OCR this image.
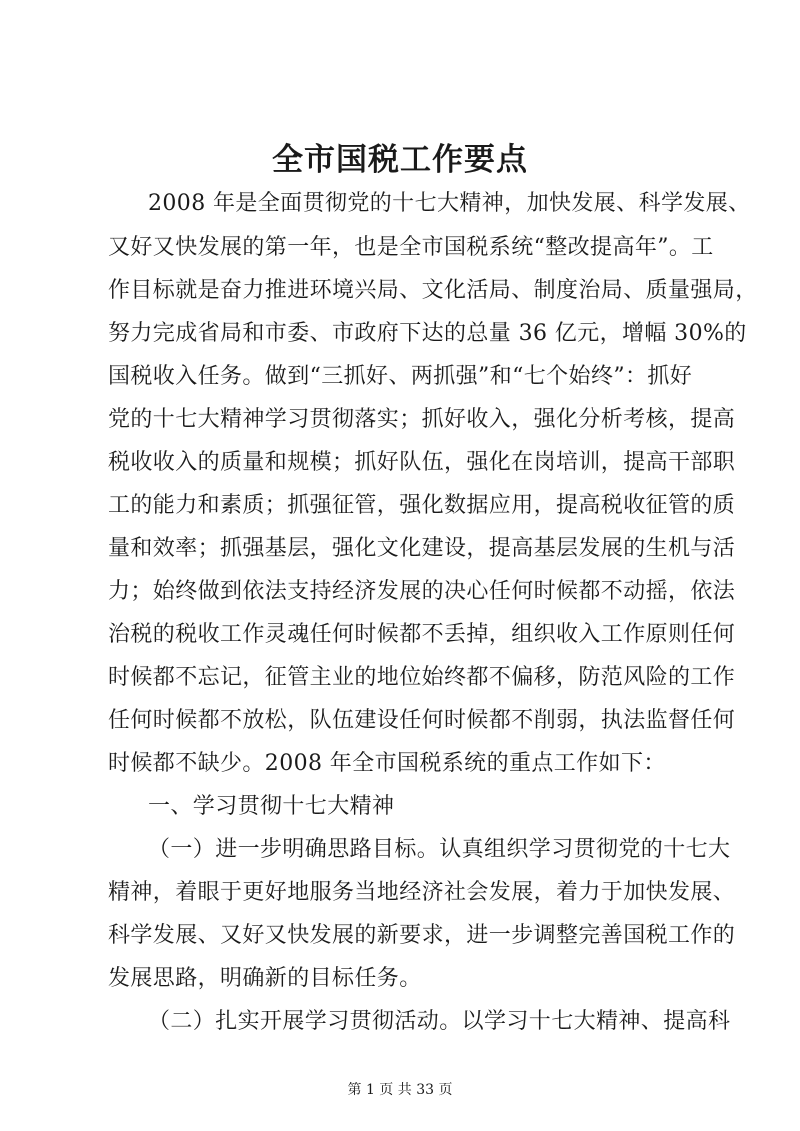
全市国税工作要点
2008 年是全面贯彻党的十七大精神，加快发展、科学发展、
又好又快发展的第一年，也是全市国税系统“整改提高年”。工
作目标就是奋力推进环境兴局、文化活局、制度治局、质量强局，
努力完成省局和市委、市政府下达的总量 36 亿元，增幅 30%的
国税收入任务。做到“三抓好、两抓强”和“七个始终”：抓好
党的十七大精神学习贯彻落实；抓好收入，强化分析考核，提高
税收收入的质量和规模；抓好队伍，强化在岗培训，提高干部职
工的能力和素质；抓强征管，强化数据应用，提高税收征管的质
量和效率；抓强基层，强化文化建设，提高基层发展的生机与活
力；始终做到依法支持经济发展的决心任何时候都不动摇，依法
治税的税收工作灵魂任何时候都不丢掉，组织收入工作原则任何
时候都不忘记，征管主业的地位始终都不偏移，防范风险的工作
任何时候都不放松，队伍建设任何时候都不削弱，执法监督任何
时候都不缺少。2008 年全市国税系统的重点工作如下：
一、学习贯彻十七大精神
（一）进一步明确思路目标。认真组织学习贯彻党的十七大
精神，着眼于更好地服务当地经济社会发展，着力于加快发展、
科学发展、又好又快发展的新要求，进一步调整完善国税工作的
发展思路，明确新的目标任务。
（二）扎实开展学习贯彻活动。以学习十七大精神、提高科
第 1 页 共 33 页
